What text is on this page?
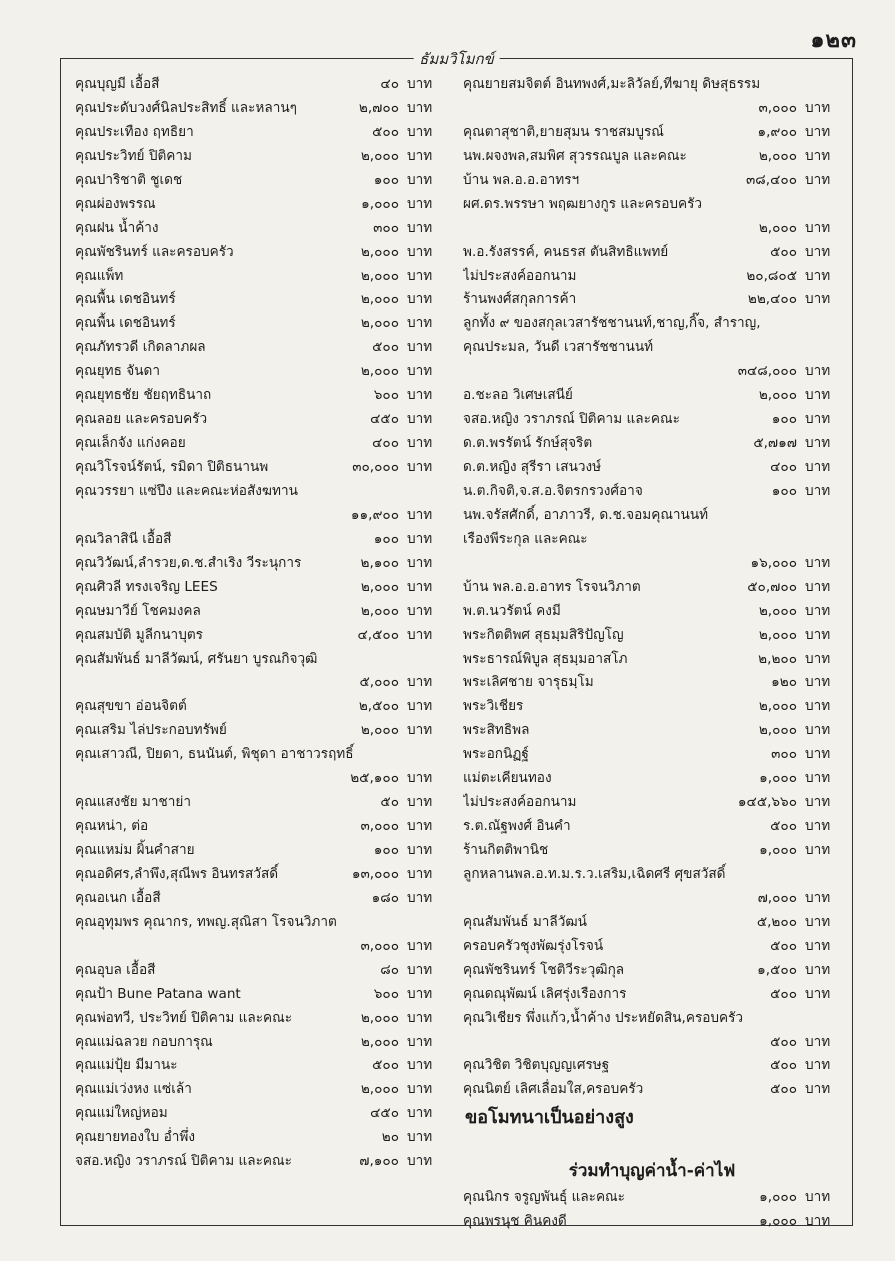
๑๒๓
ธัมมวิโมกข์
คุณบุญมี เอื้อสี	๔๐ บาท
คุณประดับวงศ์นิลประสิทธิ์ และหลานๆ	๒,๗๐๐ บาท
คุณประเทือง ฤทธิยา	๕๐๐ บาท
คุณประวิทย์ ปิติคาม	๒,๐๐๐ บาท
คุณปาริชาติ ชูเดช	๑๐๐ บาท
คุณผ่องพรรณ	๑,๐๐๐ บาท
คุณฝน น้ำค้าง	๓๐๐ บาท
คุณพัชรินทร์ และครอบครัว	๒,๐๐๐ บาท
คุณแพ็ท	๒,๐๐๐ บาท
คุณพื้น เดชอินทร์	๒,๐๐๐ บาท
คุณพื้น เดชอินทร์	๒,๐๐๐ บาท
คุณภัทรวดี เกิดลาภผล	๕๐๐ บาท
คุณยุทธ จันดา	๒,๐๐๐ บาท
คุณยุทธชัย ชัยฤทธินาถ	๖๐๐ บาท
คุณลอย และครอบครัว	๔๕๐ บาท
คุณเล็กจัง แก่งคอย	๔๐๐ บาท
คุณวิโรจน์รัตน์, รมิดา ปิติธนานพ	๓๐,๐๐๐ บาท
คุณวรรยา แซ่ปึง และคณะห่อสังฆทาน
๑๑,๙๐๐ บาท
คุณวิลาสินี เอื้อสี	๑๐๐ บาท
คุณวิวัฒน์,ลำรวย,ด.ช.สำเริง วีระนุการ	๒,๑๐๐ บาท
คุณศิวลี ทรงเจริญ LEES	๒,๐๐๐ บาท
คุณษมาวีย์ โชคมงคล	๒,๐๐๐ บาท
คุณสมบัติ มูลีกนาบุตร	๔,๕๐๐ บาท
คุณสัมพันธ์ มาลีวัฒน์, ศรันยา บูรณกิจวุฒิ
๕,๐๐๐ บาท
คุณสุขขา อ่อนจิตต์	๒,๕๐๐ บาท
คุณเสริม ไล่ประกอบทรัพย์	๒,๐๐๐ บาท
คุณเสาวณี, ปิยดา, ธนนันต์, พิชุดา อาชาวรฤทธิ์
๒๕,๑๐๐ บาท
คุณแสงชัย มาชาย่า	๕๐ บาท
คุณหน่า, ต่อ	๓,๐๐๐ บาท
คุณแหม่ม ผิ้นคำสาย	๑๐๐ บาท
คุณอดิศร,ลำพึง,สุณีพร อินทรสวัสดิ์	๑๓,๐๐๐ บาท
คุณอเนก เอื้อสี	๑๘๐ บาท
คุณอุทุมพร คุณากร, ทพญ.สุณิสา โรจนวิภาต
๓,๐๐๐ บาท
คุณอุบล เอื้อสี	๘๐ บาท
คุณป้า Bune Patana want	๖๐๐ บาท
คุณพ่อทวี, ประวิทย์ ปิติคาม และคณะ	๒,๐๐๐ บาท
คุณแม่ฉลวย กอบการุณ	๒,๐๐๐ บาท
คุณแม่ปุ้ย มีมานะ	๕๐๐ บาท
คุณแม่เว่งหง แซ่เล้า	๒,๐๐๐ บาท
คุณแม่ใหญ่หอม	๔๕๐ บาท
คุณยายทองใบ อ่ำพึ่ง	๒๐ บาท
จสอ.หญิง วราภรณ์ ปิติคาม และคณะ	๗,๑๐๐ บาท
คุณยายสมจิตต์ อินทพงศ์,มะลิวัลย์,ทีฆายุ ดิษสุธรรม
๓,๐๐๐ บาท
คุณตาสุชาติ,ยายสุมน ราชสมบูรณ์	๑,๙๐๐ บาท
นพ.ผจงพล,สมพิศ สุวรรณบูล และคณะ	๒,๐๐๐ บาท
บ้าน พล.อ.อ.อาทรฯ	๓๘,๔๐๐ บาท
ผศ.ดร.พรรษา พฤฒยางกูร และครอบครัว
๒,๐๐๐ บาท
พ.อ.รังสรรค์, คนธรส ตันสิทธิแพทย์	๕๐๐ บาท
ไม่ประสงค์ออกนาม	๒๐,๘๐๕ บาท
ร้านพงศ์สกุลการค้า	๒๒,๔๐๐ บาท
ลูกทั้ง ๙ ของสกุลเวสารัชชานนท์,ชาญ,กิ๊จ, สำราญ,
คุณประมล, วันดี เวสารัชชานนท์
๓๔๘,๐๐๐ บาท
อ.ชะลอ วิเศษเสนีย์	๒,๐๐๐ บาท
จสอ.หญิง วราภรณ์ ปิติคาม และคณะ	๑๐๐ บาท
ด.ต.พรรัตน์ รักษ์สุจริต	๕,๗๑๗ บาท
ด.ต.หญิง สุรีรา เสนวงษ์	๔๐๐ บาท
น.ต.กิจติ,จ.ส.อ.จิตรกรวงศ์อาจ	๑๐๐ บาท
นพ.จรัสศักดิ์, อาภาวรี, ด.ช.จอมคุณานนท์
เรืองพีระกุล และคณะ
๑๖,๐๐๐ บาท
บ้าน พล.อ.อ.อาทร โรจนวิภาต	๕๐,๗๐๐ บาท
พ.ต.นวรัตน์ คงมี	๒,๐๐๐ บาท
พระกิตติพศ สุธมฺมสิริปัญโญ	๒,๐๐๐ บาท
พระธารณ์พิบูล สุธมฺมอาสโภ	๒,๒๐๐ บาท
พระเลิศชาย จารุธมฺโม	๑๒๐ บาท
พระวิเชียร	๒,๐๐๐ บาท
พระสิทธิพล	๒,๐๐๐ บาท
พระอกนิฏฐ์	๓๐๐ บาท
แม่ตะเคียนทอง	๑,๐๐๐ บาท
ไม่ประสงค์ออกนาม	๑๔๕,๖๖๐ บาท
ร.ต.ณัฐพงศ์ อินคำ	๕๐๐ บาท
ร้านกิตติพานิช	๑,๐๐๐ บาท
ลูกหลานพล.อ.ท.ม.ร.ว.เสริม,เฉิดศรี ศุขสวัสดิ์
๗,๐๐๐ บาท
คุณสัมพันธ์ มาลีวัฒน์	๕,๒๐๐ บาท
ครอบครัวชุงพัฒรุ่งโรจน์	๕๐๐ บาท
คุณพัชรินทร์ โชติวีระวุฒิกุล	๑,๕๐๐ บาท
คุณดณุพัฒน์ เลิศรุ่งเรืองการ	๕๐๐ บาท
คุณวิเชียร พึ่งแก้ว,น้ำค้าง ประหยัดสิน,ครอบครัว
๕๐๐ บาท
คุณวิชิต วิชิตบุญญเศรษฐ	๕๐๐ บาท
คุณนิตย์ เลิศเลื่อมใส,ครอบครัว	๕๐๐ บาท
ขอโมทนาเป็นอย่างสูง
ร่วมทำบุญค่าน้ำ-ค่าไฟ
คุณนิกร จรูญพันธุ์ และคณะ	๑,๐๐๐ บาท
คุณพรนุช คินคงดี	๑,๐๐๐ บาท
